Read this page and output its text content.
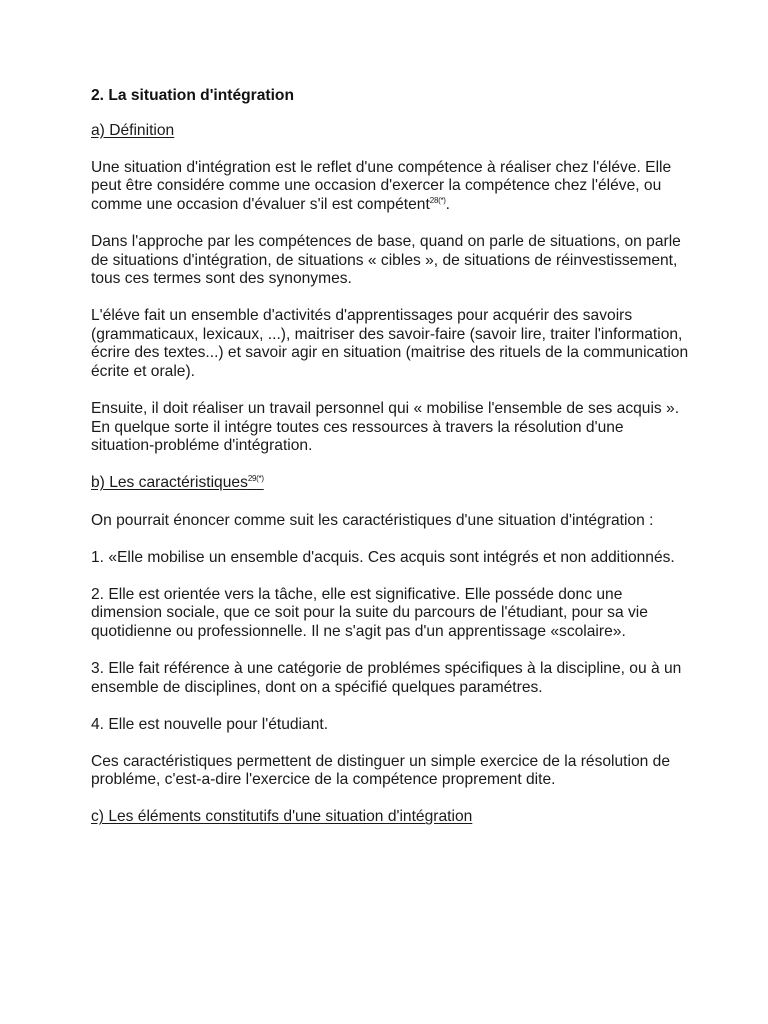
2. La situation d'intégration

a) Définition

Une situation d'intégration est le reflet d'une compétence à réaliser chez l'éléve. Elle peut être considére comme une occasion d'exercer la compétence chez l'éléve, ou comme une occasion d'évaluer s'il est compétent$^{28(*)}$.

Dans l'approche par les compétences de base, quand on parle de situations, on parle de situations d'intégration, de situations « cibles », de situations de réinvestissement, tous ces termes sont des synonymes.

L'éléve fait un ensemble d'activités d'apprentissages pour acquérir des savoirs (grammaticaux, lexicaux, ...), maitriser des savoir-faire (savoir lire, traiter l'information, écrire des textes...) et savoir agir en situation (maitrise des rituels de la communication écrite et orale).

Ensuite, il doit réaliser un travail personnel qui « mobilise l'ensemble de ses acquis ». En quelque sorte il intégre toutes ces ressources à travers la résolution d'une situation-probléme d'intégration.

b) Les caractéristiques$^{29(*)}$

On pourrait énoncer comme suit les caractéristiques d'une situation d'intégration :

1. «Elle mobilise un ensemble d'acquis. Ces acquis sont intégrés et non additionnés.

2. Elle est orientée vers la tâche, elle est significative. Elle posséde donc une dimension sociale, que ce soit pour la suite du parcours de l'étudiant, pour sa vie quotidienne ou professionnelle. Il ne s'agit pas d'un apprentissage «scolaire».

3. Elle fait référence à une catégorie de problémes spécifiques à la discipline, ou à un ensemble de disciplines, dont on a spécifié quelques paramétres.

4. Elle est nouvelle pour l'étudiant.

Ces caractéristiques permettent de distinguer un simple exercice de la résolution de probléme, c'est-a-dire l'exercice de la compétence proprement dite.

c) Les éléments constitutifs d'une situation d'intégration
